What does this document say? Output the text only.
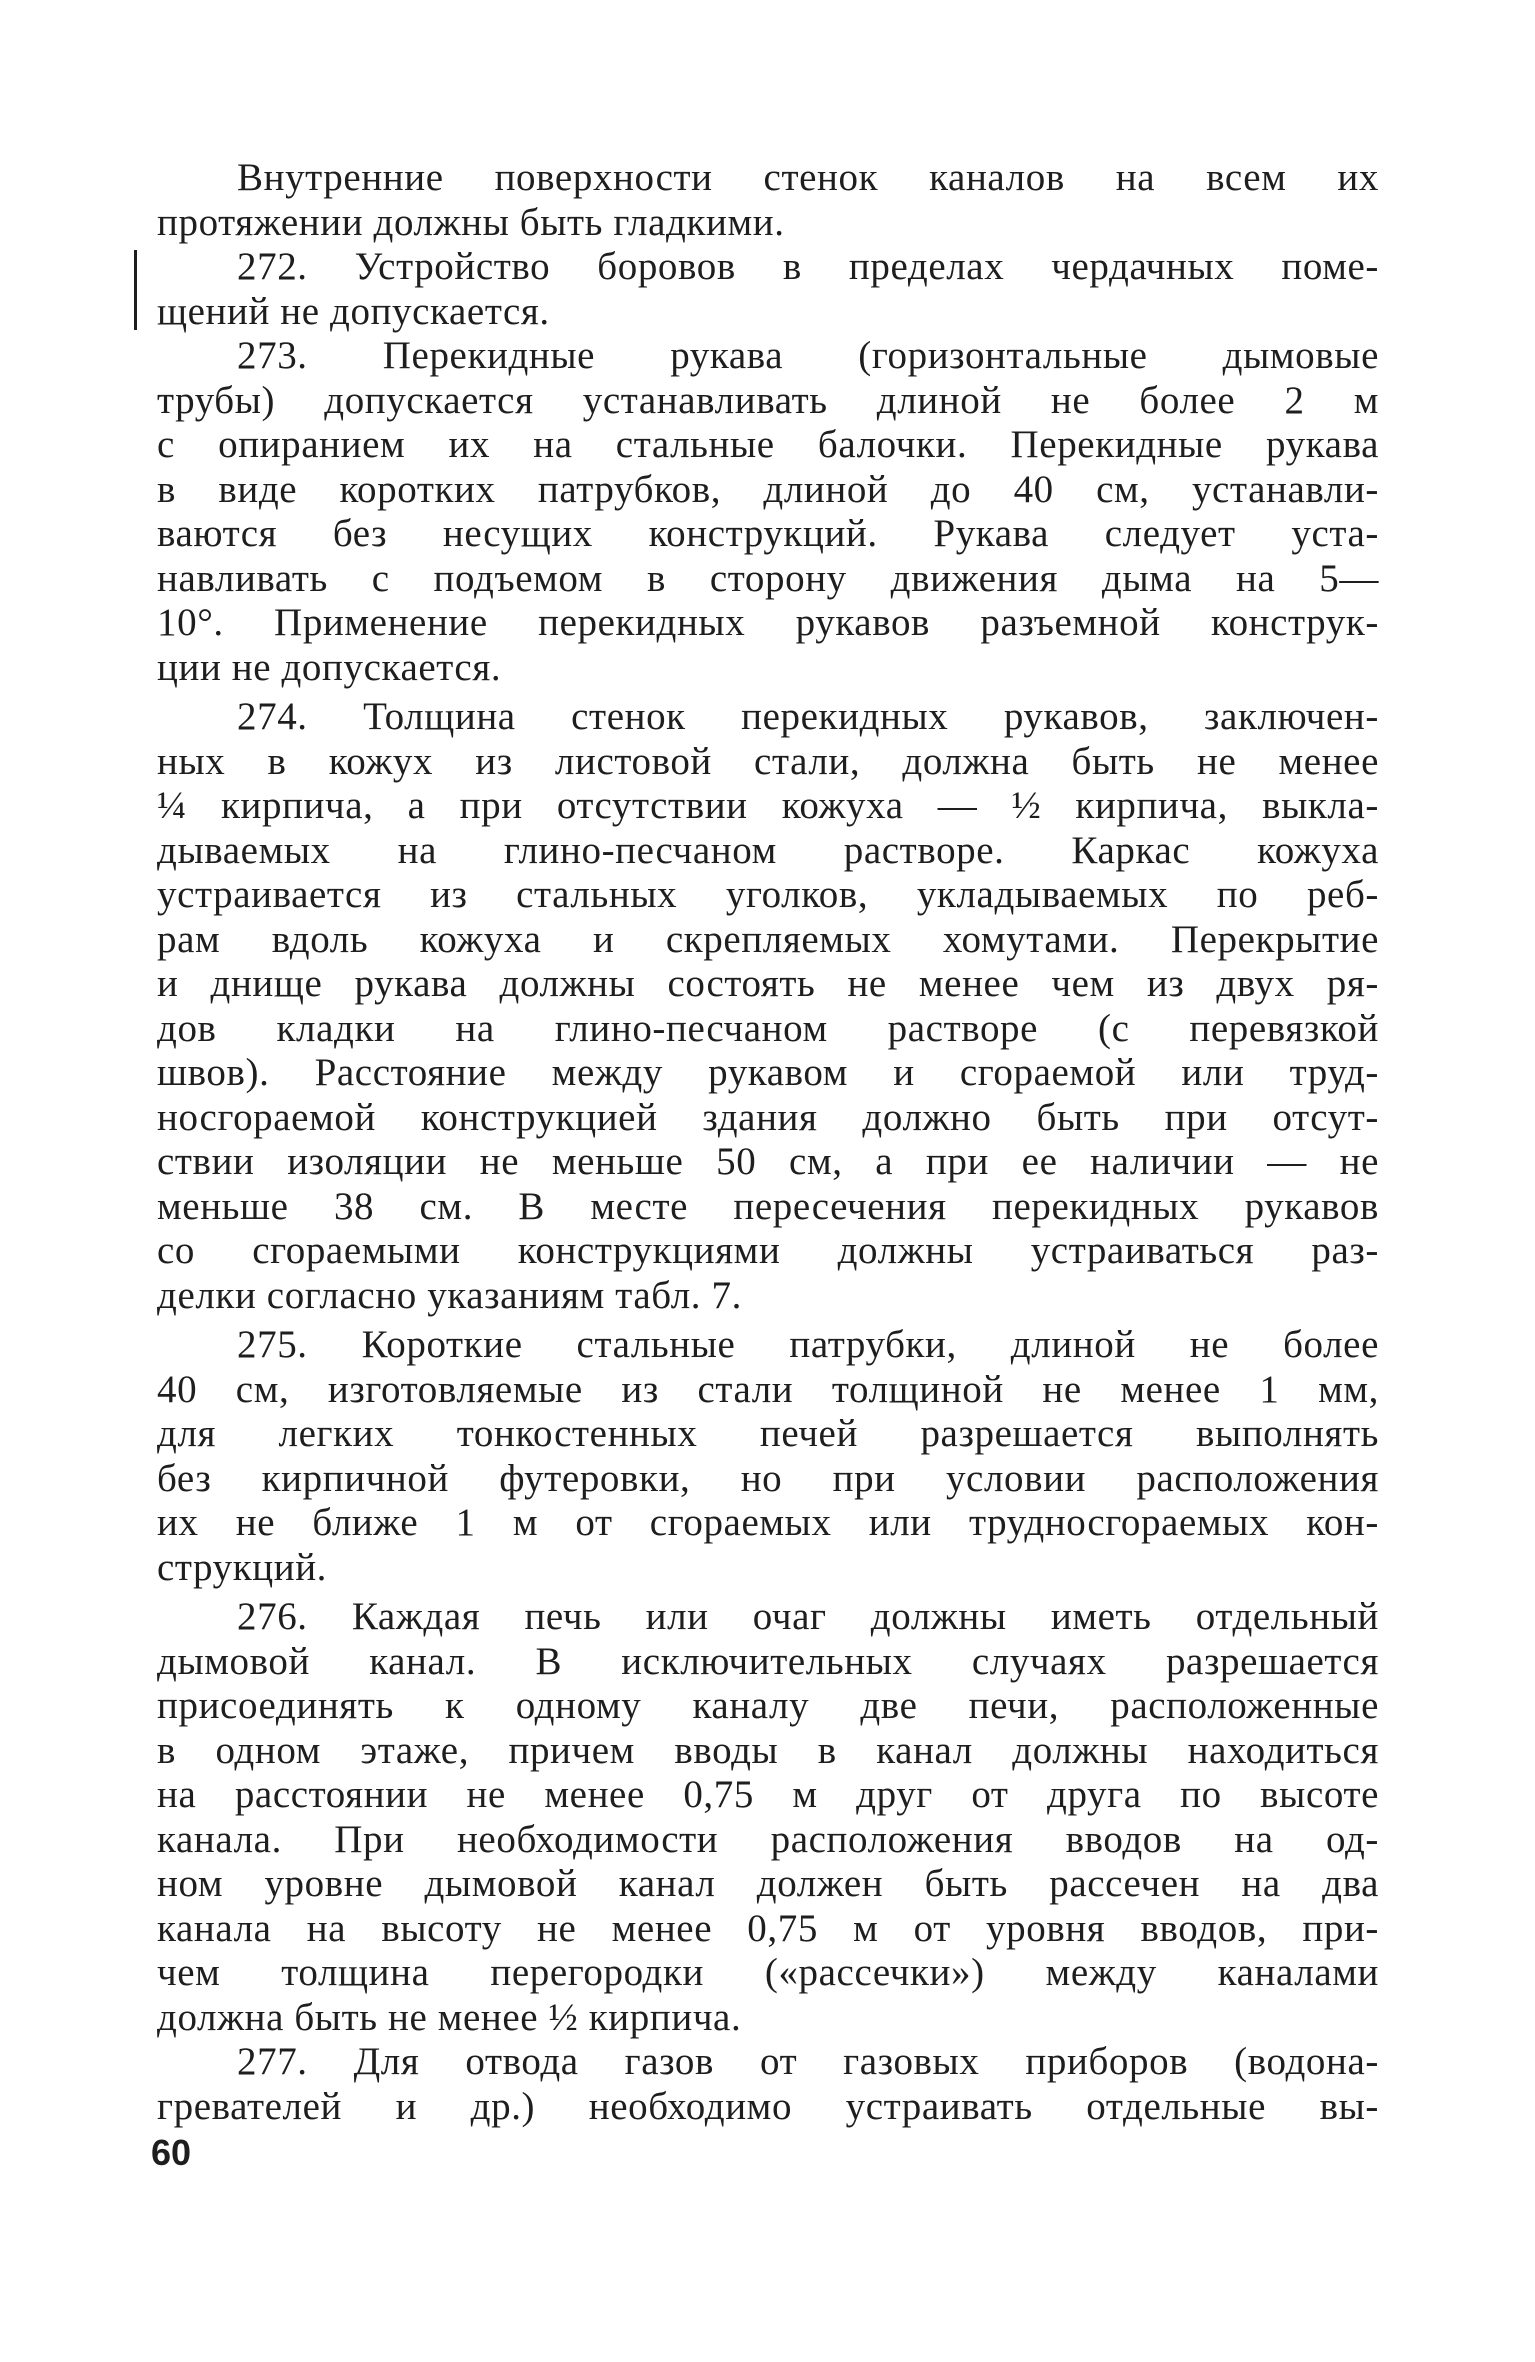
Внутренние поверхности стенок каналов на всем их
протяжении должны быть гладкими.
272. Устройство боровов в пределах чердачных поме-
щений не допускается.
273. Перекидные рукава (горизонтальные дымовые
трубы) допускается устанавливать длиной не более 2 м
с опиранием их на стальные балочки. Перекидные рукава
в виде коротких патрубков, длиной до 40 см, устанавли-
ваются без несущих конструкций. Рукава следует уста-
навливать с подъемом в сторону движения дыма на 5—
10°. Применение перекидных рукавов разъемной конструк-
ции не допускается.
274. Толщина стенок перекидных рукавов, заключен-
ных в кожух из листовой стали, должна быть не менее
¼ кирпича, а при отсутствии кожуха — ½ кирпича, выкла-
дываемых на глино-песчаном растворе. Каркас кожуха
устраивается из стальных уголков, укладываемых по реб-
рам вдоль кожуха и скрепляемых хомутами. Перекрытие
и днище рукава должны состоять не менее чем из двух ря-
дов кладки на глино-песчаном растворе (с перевязкой
швов). Расстояние между рукавом и сгораемой или труд-
носгораемой конструкцией здания должно быть при отсут-
ствии изоляции не меньше 50 см, а при ее наличии — не
меньше 38 см. В месте пересечения перекидных рукавов
со сгораемыми конструкциями должны устраиваться раз-
делки согласно указаниям табл. 7.
275. Короткие стальные патрубки, длиной не более
40 см, изготовляемые из стали толщиной не менее 1 мм,
для легких тонкостенных печей разрешается выполнять
без кирпичной футеровки, но при условии расположения
их не ближе 1 м от сгораемых или трудносгораемых кон-
струкций.
276. Каждая печь или очаг должны иметь отдельный
дымовой канал. В исключительных случаях разрешается
присоединять к одному каналу две печи, расположенные
в одном этаже, причем вводы в канал должны находиться
на расстоянии не менее 0,75 м друг от друга по высоте
канала. При необходимости расположения вводов на од-
ном уровне дымовой канал должен быть рассечен на два
канала на высоту не менее 0,75 м от уровня вводов, при-
чем толщина перегородки («рассечки») между каналами
должна быть не менее ½ кирпича.
277. Для отвода газов от газовых приборов (водона-
гревателей и др.) необходимо устраивать отдельные вы-
60
